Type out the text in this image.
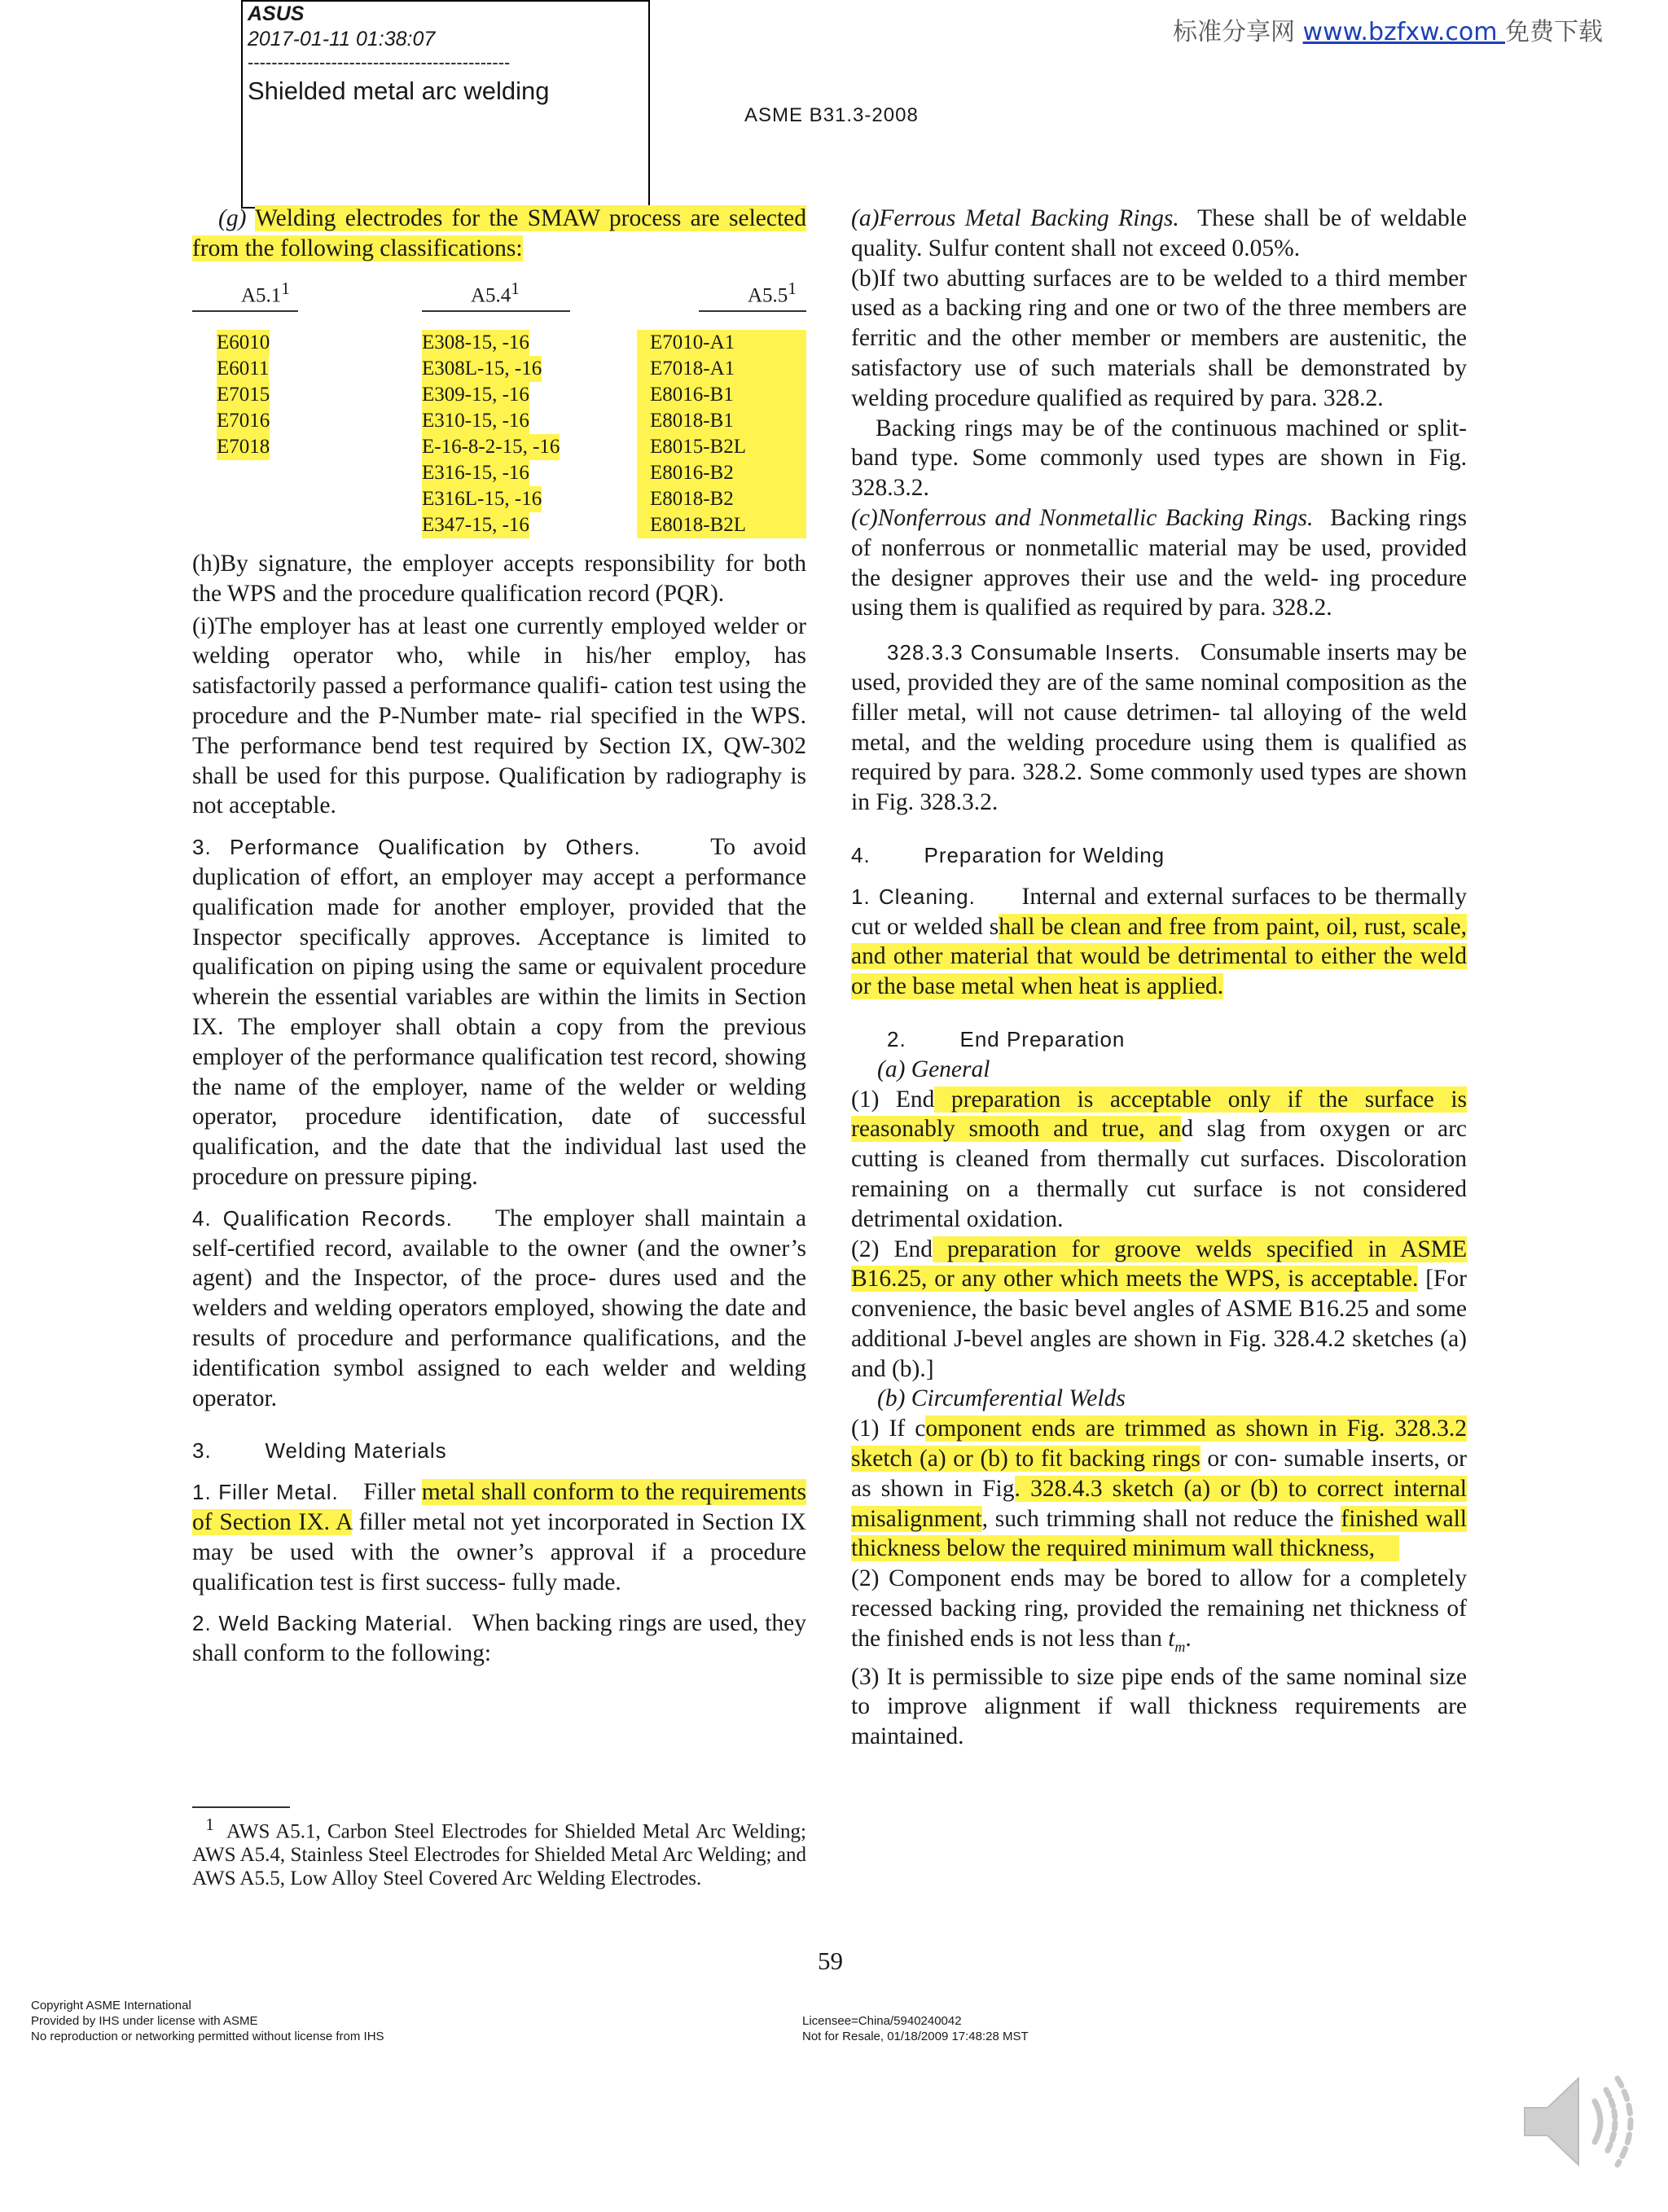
ASUS
2017-01-11 01:38:07
--------------------------------------------
Shielded metal arc welding
标准分享网 www.bzfxw.com 免费下载
ASME B31.3-2008

(g) Welding electrodes for the SMAW process are selected from the following classifications:

$A5.1^1$
E6010
E6011
E7015
E7016
E7018
$A5.4^1$
E308-15, -16
E308L-15, -16
E309-15, -16
E310-15, -16
E-16-8-2-15, -16
E316-15, -16
E316L-15, -16
E347-15, -16
$A5.5^1$
E7010-A1
E7018-A1
E8016-B1
E8018-B1
E8015-B2L
E8016-B2
E8018-B2
E8018-B2L

(h)By signature, the employer accepts responsibility for both the WPS and the procedure qualification record (PQR).

(i)The employer has at least one currently employed welder or welding operator who, while in his/her employ, has satisfactorily passed a performance qualifi- cation test using the procedure and the P-Number mate- rial specified in the WPS. The performance bend test required by Section IX, QW-302 shall be used for this purpose. Qualification by radiography is not acceptable.

3. Performance Qualification by Others.	To avoid duplication of effort, an employer may accept a performance qualification made for another employer, provided that the Inspector specifically approves. Acceptance is limited to qualification on piping using the same or equivalent procedure wherein the essential variables are within the limits in Section IX. The employer shall obtain a copy from the previous employer of the performance qualification test record, showing the name of the employer, name of the welder or welding operator, procedure identification, date of successful qualification, and the date that the individual last used the procedure on pressure piping.

4. Qualification Records. The employer shall maintain a self-certified record, available to the owner (and the owner’s agent) and the Inspector, of the proce- dures used and the welders and welding operators employed, showing the date and results of procedure and performance qualifications, and the identification symbol assigned to each welder and welding operator.

3.        Welding Materials

1. Filler Metal. Filler metal shall conform to the requirements of Section IX. A filler metal not yet incorporated in Section IX may be used with the owner’s approval if a procedure qualification test is first success- fully made.

2. Weld Backing Material. When backing rings are used, they shall conform to the following:

$^1$ AWS A5.1, Carbon Steel Electrodes for Shielded Metal Arc Welding; AWS A5.4, Stainless Steel Electrodes for Shielded Metal Arc Welding; and AWS A5.5, Low Alloy Steel Covered Arc Welding Electrodes.

(a)Ferrous Metal Backing Rings. These shall be of weldable quality. Sulfur content shall not exceed 0.05%.

(b)If two abutting surfaces are to be welded to a third member used as a backing ring and one or two of the three members are ferritic and the other member or members are austenitic, the satisfactory use of such materials shall be demonstrated by welding procedure qualified as required by para. 328.2.

Backing rings may be of the continuous machined or split-band type. Some commonly used types are shown in Fig. 328.3.2.

(c)Nonferrous and Nonmetallic Backing Rings. Backing rings of nonferrous or nonmetallic material may be used, provided the designer approves their use and the weld- ing procedure using them is qualified as required by para. 328.2.

328.3.3 Consumable Inserts. Consumable inserts may be used, provided they are of the same nominal composition as the filler metal, will not cause detrimen- tal alloying of the weld metal, and the welding procedure using them is qualified as required by para. 328.2. Some commonly used types are shown in Fig. 328.3.2.

4.        Preparation for Welding

1. Cleaning. Internal and external surfaces to be thermally cut or welded shall be clean and free from paint, oil, rust, scale, and other material that would be detrimental to either the weld or the base metal when heat is applied.

2.        End Preparation

(a) General

(1) End preparation is acceptable only if the surface is reasonably smooth and true, and slag from oxygen or arc cutting is cleaned from thermally cut surfaces. Discoloration remaining on a thermally cut surface is not considered detrimental oxidation.

(2) End preparation for groove welds specified in ASME B16.25, or any other which meets the WPS, is acceptable. [For convenience, the basic bevel angles of ASME B16.25 and some additional J-bevel angles are shown in Fig. 328.4.2 sketches (a) and (b).]

(b) Circumferential Welds

(1) If component ends are trimmed as shown in Fig. 328.3.2 sketch (a) or (b) to fit backing rings or con- sumable inserts, or as shown in Fig. 328.4.3 sketch (a) or (b) to correct internal misalignment, such trimming shall not reduce the finished wall thickness below the required minimum wall thickness,

(2) Component ends may be bored to allow for a completely recessed backing ring, provided the remaining net thickness of the finished ends is not less than $t_m$.

(3) It is permissible to size pipe ends of the same nominal size to improve alignment if wall thickness requirements are maintained.

59
Copyright ASME International
Provided by IHS under license with ASME
No reproduction or networking permitted without license from IHS
Licensee=China/5940240042
Not for Resale, 01/18/2009 17:48:28 MST
